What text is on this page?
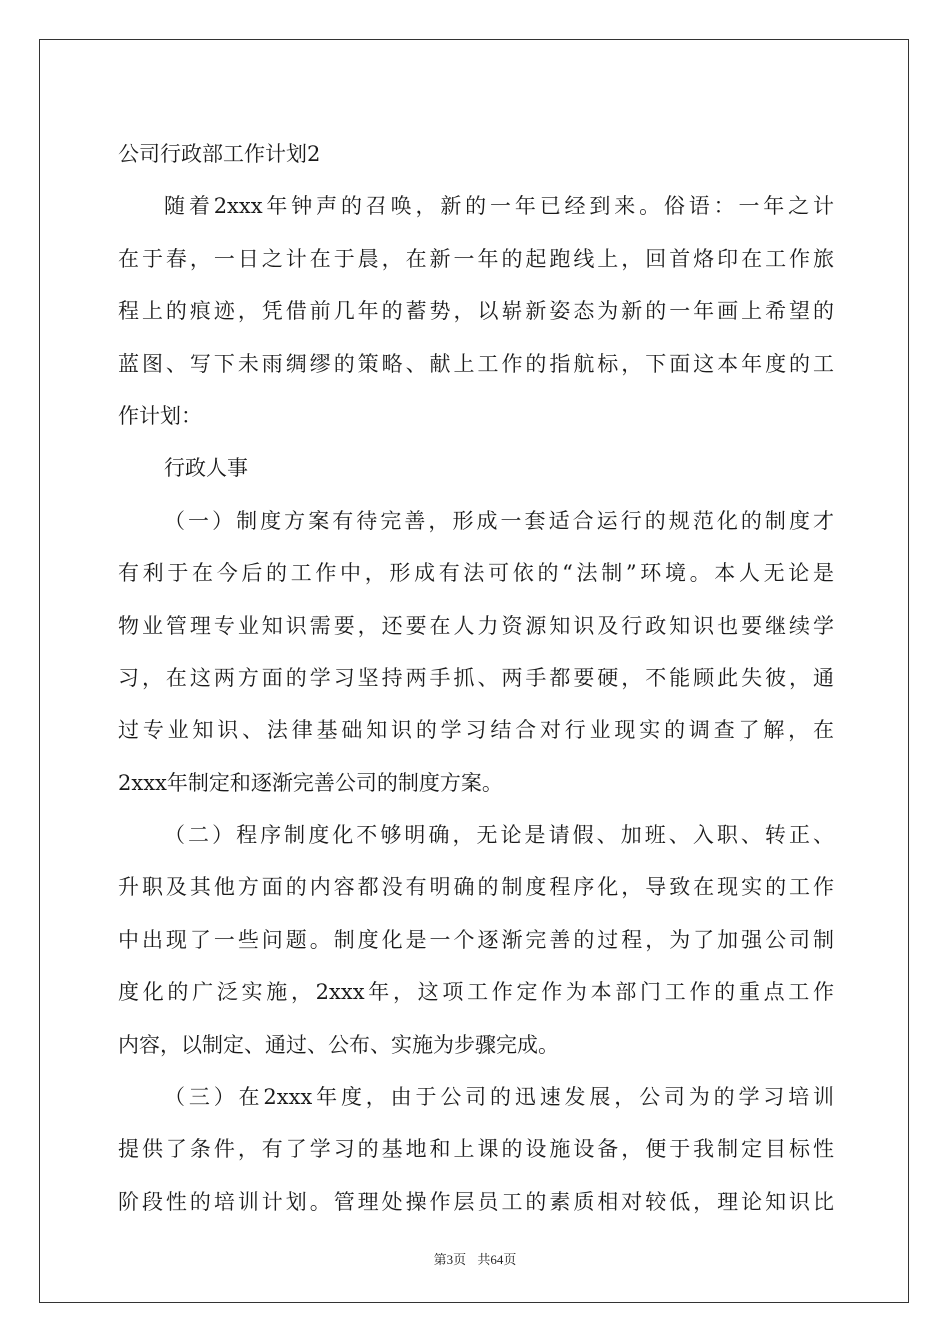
公司行政部工作计划2
随着2xxx年钟声的召唤，新的一年已经到来。俗语：一年之计
在于春，一日之计在于晨，在新一年的起跑线上，回首烙印在工作旅
程上的痕迹，凭借前几年的蓄势，以崭新姿态为新的一年画上希望的
蓝图、写下未雨绸缪的策略、献上工作的指航标，下面这本年度的工
作计划：
行政人事
（一）制度方案有待完善，形成一套适合运行的规范化的制度才
有利于在今后的工作中，形成有法可依的“法制”环境。本人无论是
物业管理专业知识需要，还要在人力资源知识及行政知识也要继续学
习，在这两方面的学习坚持两手抓、两手都要硬，不能顾此失彼，通
过专业知识、法律基础知识的学习结合对行业现实的调查了解，在
2xxx年制定和逐渐完善公司的制度方案。
（二）程序制度化不够明确，无论是请假、加班、入职、转正、
升职及其他方面的内容都没有明确的制度程序化，导致在现实的工作
中出现了一些问题。制度化是一个逐渐完善的过程，为了加强公司制
度化的广泛实施，2xxx年，这项工作定作为本部门工作的重点工作
内容，以制定、通过、公布、实施为步骤完成。
（三）在2xxx年度，由于公司的迅速发展，公司为的学习培训
提供了条件，有了学习的基地和上课的设施设备，便于我制定目标性
阶段性的培训计划。管理处操作层员工的素质相对较低，理论知识比
第3页 共64页
